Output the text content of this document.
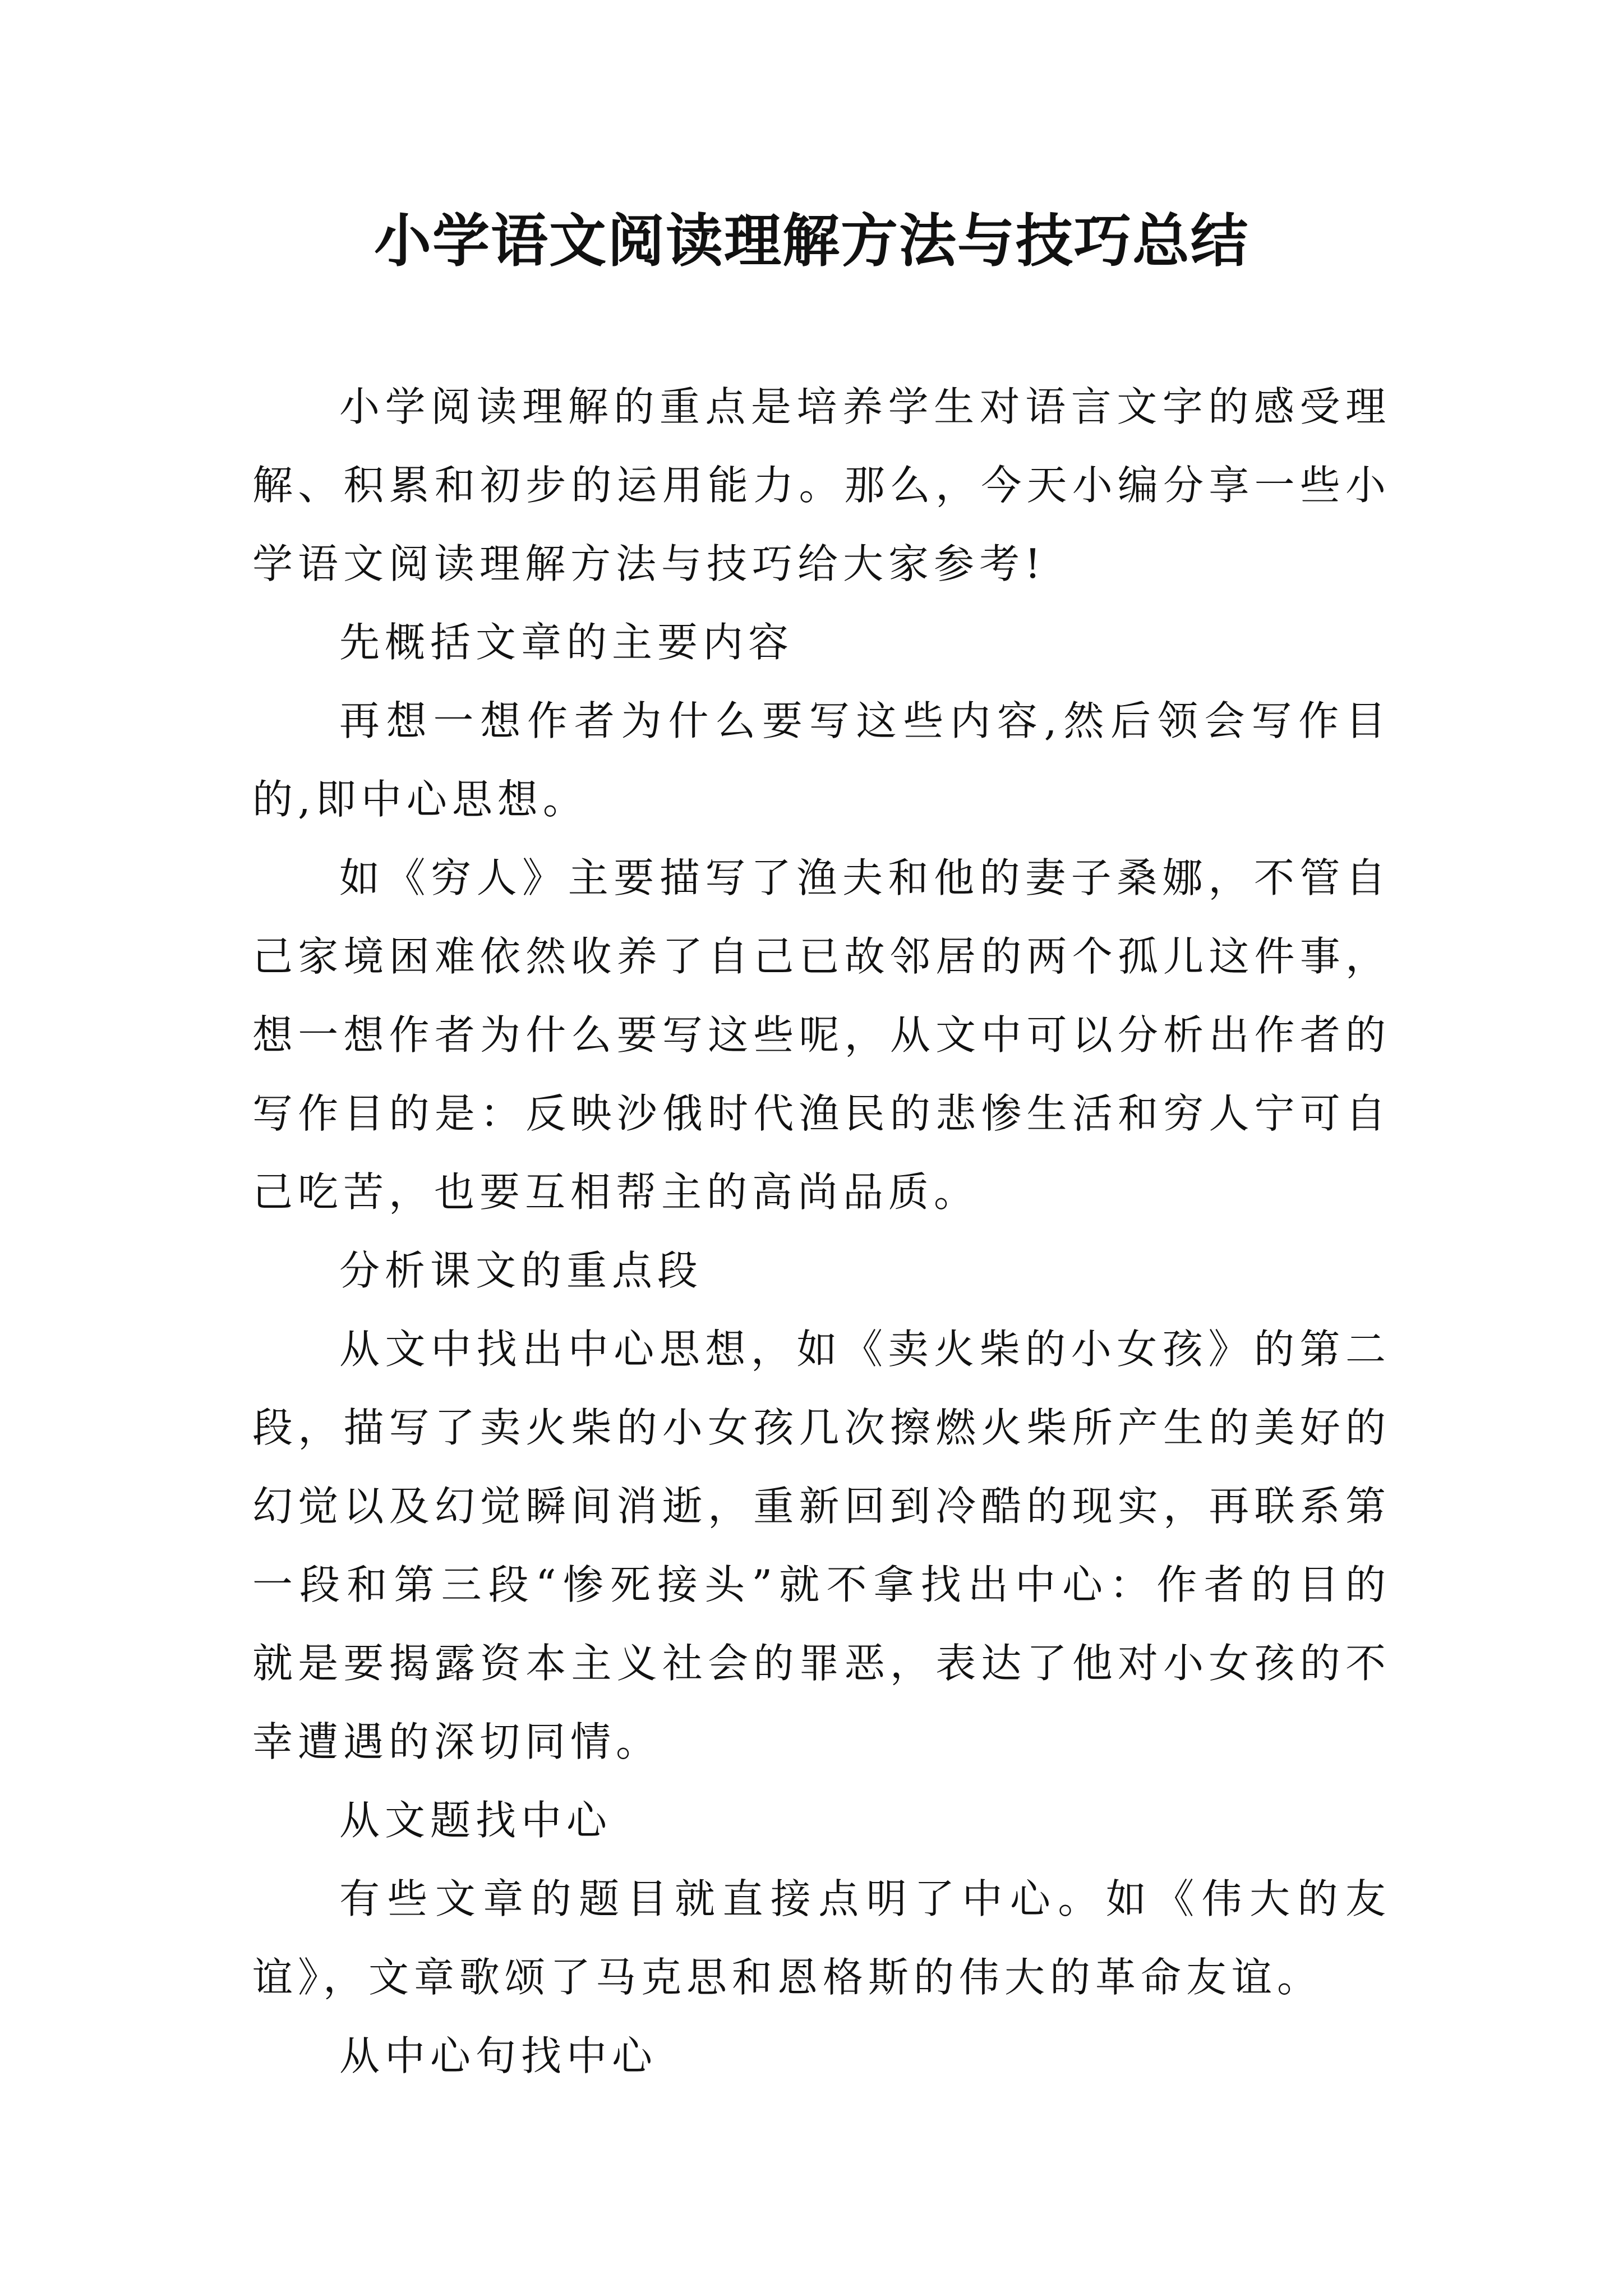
小学语文阅读理解方法与技巧总结

小学阅读理解的重点是培养学生对语言文字的感受理解、积累和初步的运用能力。那么，今天小编分享一些小学语文阅读理解方法与技巧给大家参考!

先概括文章的主要内容

再想一想作者为什么要写这些内容,然后领会写作目的,即中心思想。

如《穷人》主要描写了渔夫和他的妻子桑娜，不管自己家境困难依然收养了自己已故邻居的两个孤儿这件事，想一想作者为什么要写这些呢，从文中可以分析出作者的写作目的是：反映沙俄时代渔民的悲惨生活和穷人宁可自己吃苦，也要互相帮主的高尚品质。

分析课文的重点段

从文中找出中心思想，如《卖火柴的小女孩》的第二段，描写了卖火柴的小女孩几次擦燃火柴所产生的美好的幻觉以及幻觉瞬间消逝，重新回到冷酷的现实，再联系第一段和第三段“惨死接头”就不拿找出中心：作者的目的就是要揭露资本主义社会的罪恶，表达了他对小女孩的不幸遭遇的深切同情。

从文题找中心

有些文章的题目就直接点明了中心。如《伟大的友谊》，文章歌颂了马克思和恩格斯的伟大的革命友谊。

从中心句找中心
